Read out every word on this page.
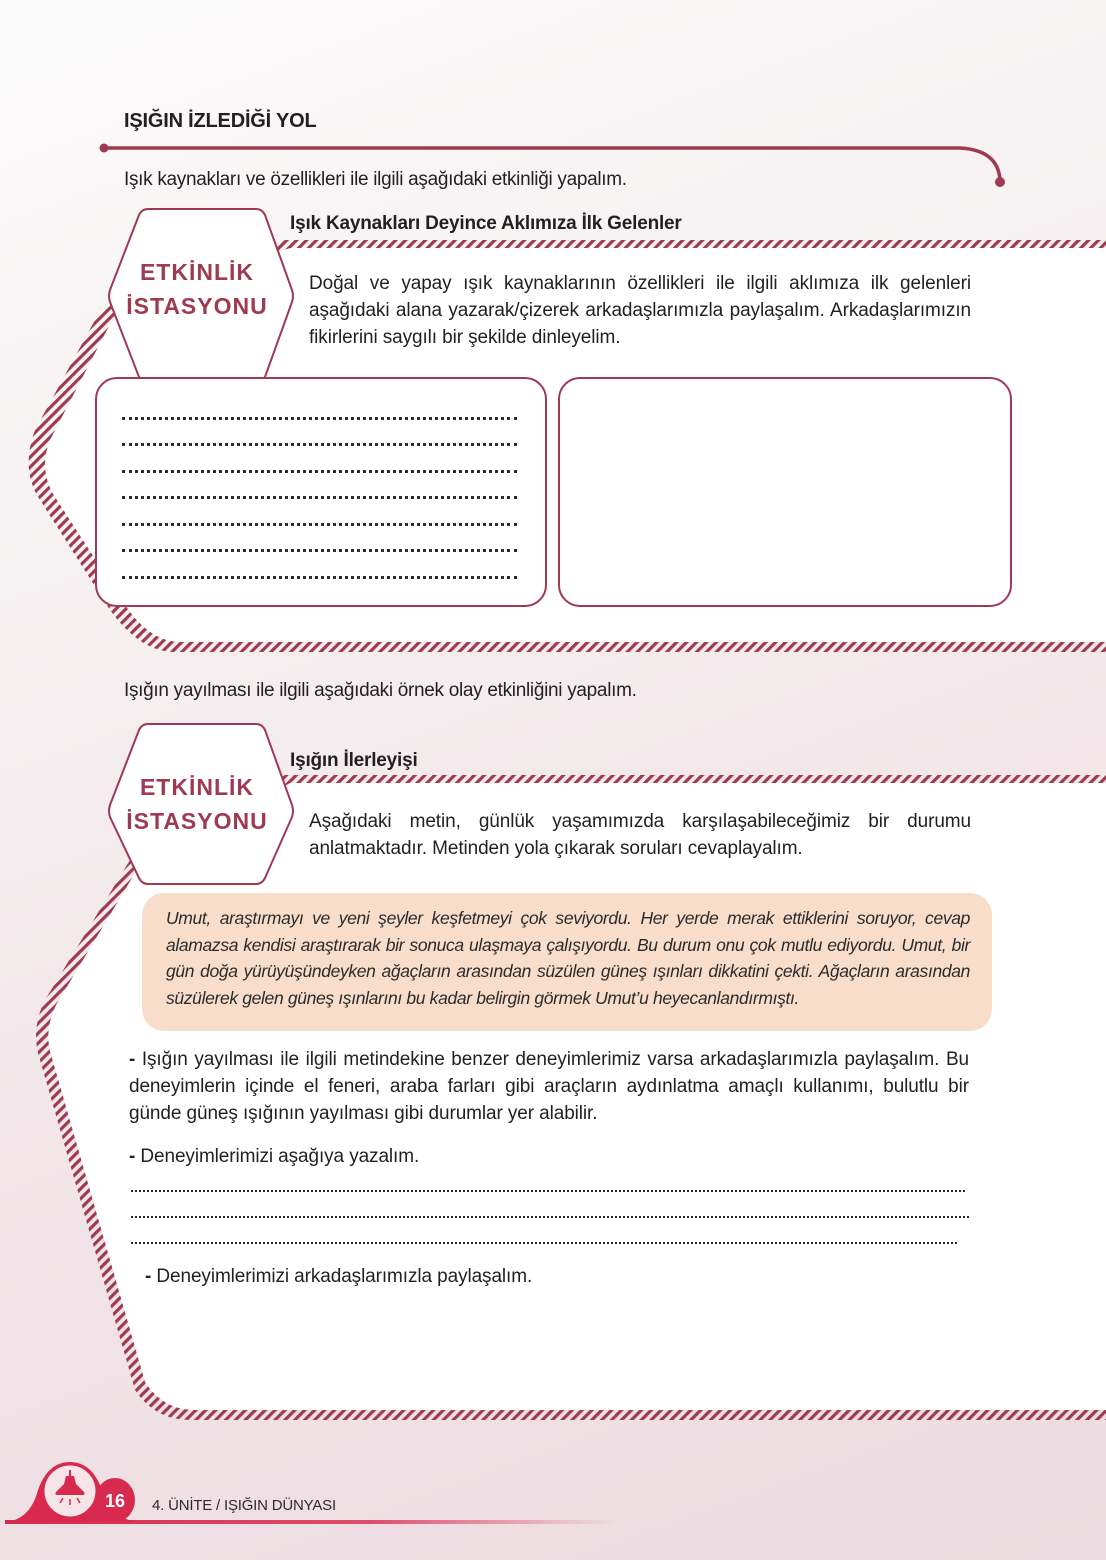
IŞIĞIN İZLEDİĞİ YOL
Işık kaynakları ve özellikleri ile ilgili aşağıdaki etkinliği yapalım.
ETKİNLİK
İSTASYONU
Işık Kaynakları Deyince Aklımıza İlk Gelenler
Doğal ve yapay ışık kaynaklarının özellikleri ile ilgili aklımıza ilk gelenleri aşağıdaki alana yazarak/çizerek arkadaşlarımızla paylaşalım. Arkadaşlarımızın fikirlerini saygılı bir şekilde dinleyelim.
Işığın yayılması ile ilgili aşağıdaki örnek olay etkinliğini yapalım.
ETKİNLİK
İSTASYONU
Işığın İlerleyişi
Aşağıdaki metin, günlük yaşamımızda karşılaşabileceğimiz bir durumu anlatmaktadır. Metinden yola çıkarak soruları cevaplayalım.
Umut, araştırmayı ve yeni şeyler keşfetmeyi çok seviyordu. Her yerde merak ettiklerini soruyor, cevap alamazsa kendisi araştırarak bir sonuca ulaşmaya çalışıyordu. Bu durum onu çok mutlu ediyordu. Umut, bir gün doğa yürüyüşündeyken ağaçların arasından süzülen güneş ışınları dikkatini çekti. Ağaçların arasından süzülerek gelen güneş ışınlarını bu kadar belirgin görmek Umut’u heyecanlandırmıştı.
- Işığın yayılması ile ilgili metindekine benzer deneyimlerimiz varsa arkadaşlarımızla paylaşalım. Bu deneyimlerin içinde el feneri, araba farları gibi araçların aydınlatma amaçlı kullanımı, bulutlu bir günde güneş ışığının yayılması gibi durumlar yer alabilir.
- Deneyimlerimizi aşağıya yazalım.
- Deneyimlerimizi arkadaşlarımızla paylaşalım.
16	4. ÜNİTE / IŞIĞIN DÜNYASI
